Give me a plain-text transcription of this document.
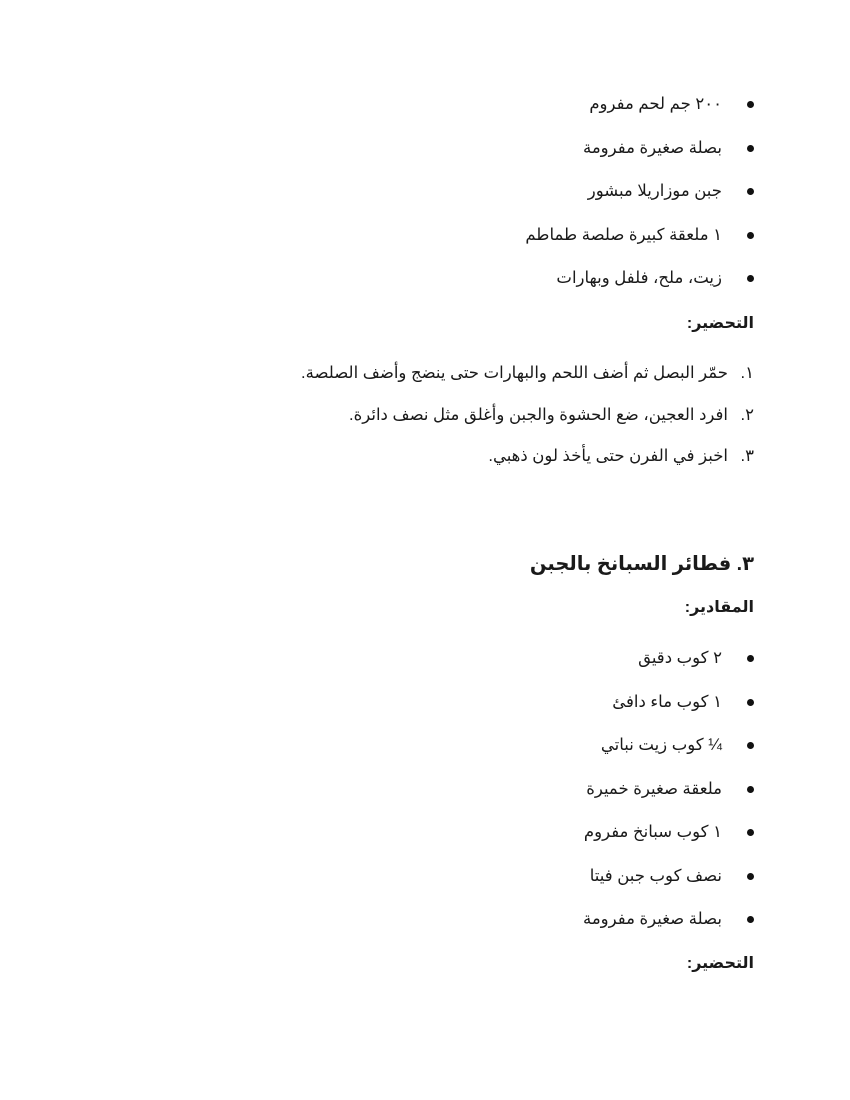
٢٠٠ جم لحم مفروم
بصلة صغيرة مفرومة
جبن موزاريلا مبشور
١ ملعقة كبيرة صلصة طماطم
زيت، ملح، فلفل وبهارات
التحضير:
١.حمّر البصل ثم أضف اللحم والبهارات حتى ينضج وأضف الصلصة.
٢.افرد العجين، ضع الحشوة والجبن وأغلق مثل نصف دائرة.
٣.اخبز في الفرن حتى يأخذ لون ذهبي.
٣. فطائر السبانخ بالجبن
المقادير:
٢ كوب دقيق
١ كوب ماء دافئ
¼ كوب زيت نباتي
ملعقة صغيرة خميرة
١ كوب سبانخ مفروم
نصف كوب جبن فيتا
بصلة صغيرة مفرومة
التحضير:
